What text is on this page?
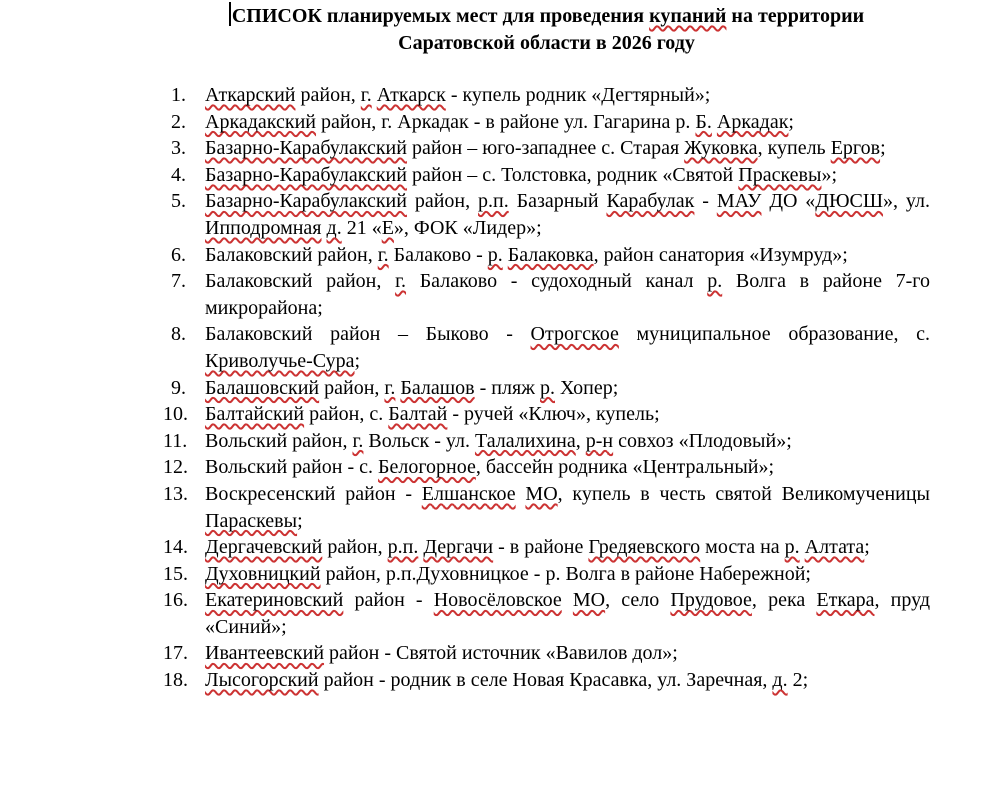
СПИСОК планируемых мест для проведения купаний на территории
Саратовской области в 2026 году
1. Аткарский район, г. Аткарск - купель родник «Дегтярный»;
2. Аркадакский район, г. Аркадак - в районе ул. Гагарина р. Б. Аркадак;
3. Базарно-Карабулакский район – юго-западнее с. Старая Жуковка, купель Ергов;
4. Базарно-Карабулакский район – с. Толстовка, родник «Святой Праскевы»;
5. Базарно-Карабулакский район, р.п. Базарный Карабулак - МАУ ДО «ДЮСШ», ул. Ипподромная д. 21 «Е», ФОК «Лидер»;
6. Балаковский район, г. Балаково - р. Балаковка, район санатория «Изумруд»;
7. Балаковский район, г. Балаково - судоходный канал р. Волга в районе 7-го микрорайона;
8. Балаковский район – Быково - Отрогское муниципальное образование, с. Криволучье-Сура;
9. Балашовский район, г. Балашов - пляж р. Хопер;
10. Балтайский район, с. Балтай - ручей «Ключ», купель;
11. Вольский район, г. Вольск - ул. Талалихина, р-н совхоз «Плодовый»;
12. Вольский район - с. Белогорное, бассейн родника «Центральный»;
13. Воскресенский район - Елшанское МО, купель в честь святой Великомученицы Параскевы;
14. Дергачевский район, р.п. Дергачи - в районе Гредяевского моста на р. Алтата;
15. Духовницкий район, р.п.Духовницкое - р. Волга в районе Набережной;
16. Екатериновский район - Новосёловское МО, село Прудовое, река Еткара, пруд «Синий»;
17. Ивантеевский район - Святой источник «Вавилов дол»;
18. Лысогорский район - родник в селе Новая Красавка, ул. Заречная, д. 2;
